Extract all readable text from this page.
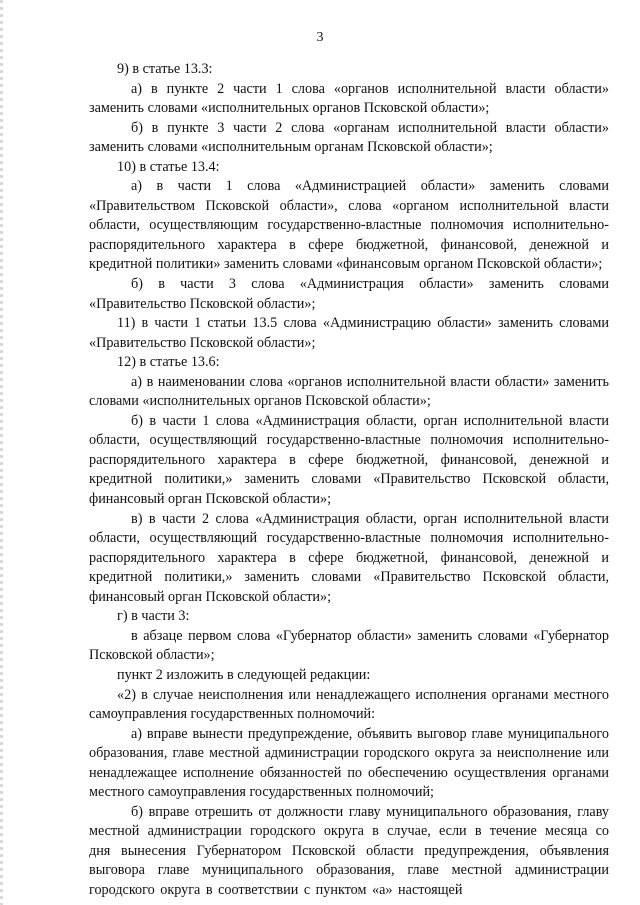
3

9) в статье 13.3:

а) в пункте 2 части 1 слова «органов исполнительной власти области» заменить словами «исполнительных органов Псковской области»;

б) в пункте 3 части 2 слова «органам исполнительной власти области» заменить словами «исполнительным органам Псковской области»;

10) в статье 13.4:

а) в части 1 слова «Администрацией области» заменить словами «Правительством Псковской области», слова «органом исполнительной власти области, осуществляющим государственно-властные полномочия исполнительно-распорядительного характера в сфере бюджетной, финансовой, денежной и кредитной политики» заменить словами «финансовым органом Псковской области»;

б) в части 3 слова «Администрация области» заменить словами «Правительство Псковской области»;

11) в части 1 статьи 13.5 слова «Администрацию области» заменить словами «Правительство Псковской области»;

12) в статье 13.6:

а) в наименовании слова «органов исполнительной власти области» заменить словами «исполнительных органов Псковской области»;

б) в части 1 слова «Администрация области, орган исполнительной власти области, осуществляющий государственно-властные полномочия исполнительно-распорядительного характера в сфере бюджетной, финансовой, денежной и кредитной политики,» заменить словами «Правительство Псковской области, финансовый орган Псковской области»;

в) в части 2 слова «Администрация области, орган исполнительной власти области, осуществляющий государственно-властные полномочия исполнительно-распорядительного характера в сфере бюджетной, финансовой, денежной и кредитной политики,» заменить словами «Правительство Псковской области, финансовый орган Псковской области»;

г) в части 3:

в абзаце первом слова «Губернатор области» заменить словами «Губернатор Псковской области»;

пункт 2 изложить в следующей редакции:

«2) в случае неисполнения или ненадлежащего исполнения органами местного самоуправления государственных полномочий:

а) вправе вынести предупреждение, объявить выговор главе муниципального образования, главе местной администрации городского округа за неисполнение или ненадлежащее исполнение обязанностей по обеспечению осуществления органами местного самоуправления государственных полномочий;

б) вправе отрешить от должности главу муниципального образования, главу местной администрации городского округа в случае, если в течение месяца со дня вынесения Губернатором Псковской области предупреждения, объявления выговора главе муниципального образования, главе местной администрации городского округа в соответствии с пунктом «а» настоящей
